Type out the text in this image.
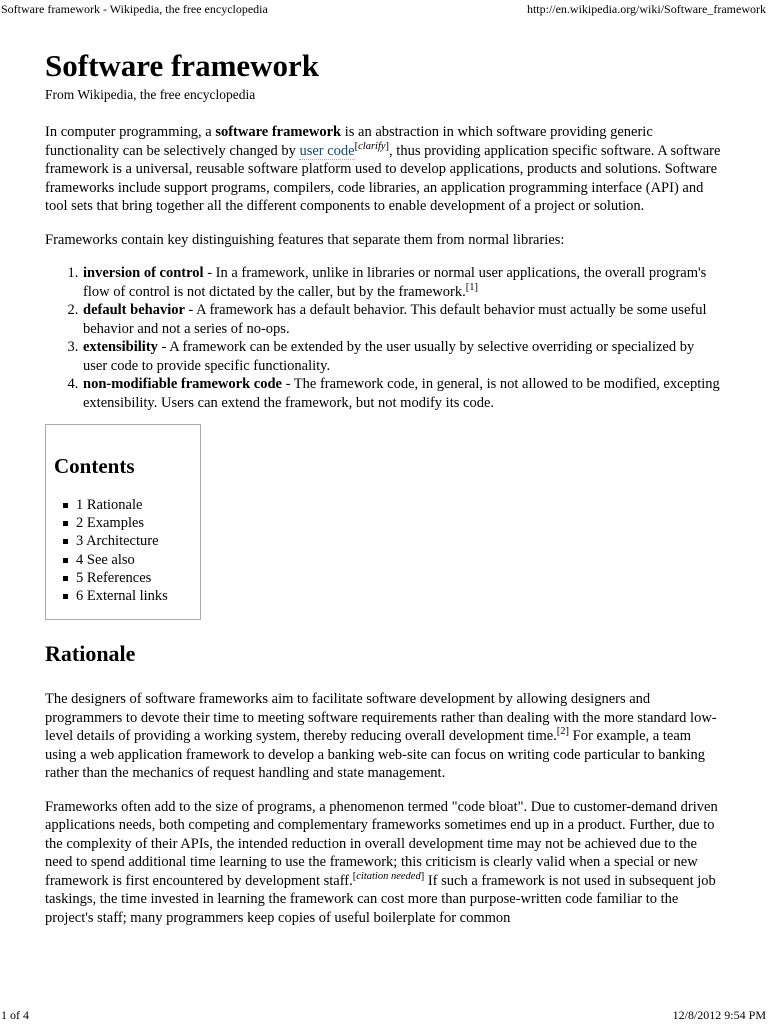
Software framework - Wikipedia, the free encyclopedia	http://en.wikipedia.org/wiki/Software_framework
Software framework
From Wikipedia, the free encyclopedia

In computer programming, a software framework is an abstraction in which software providing generic functionality can be selectively changed by user code[clarify], thus providing application specific software. A software framework is a universal, reusable software platform used to develop applications, products and solutions. Software frameworks include support programs, compilers, code libraries, an application programming interface (API) and tool sets that bring together all the different components to enable development of a project or solution.

Frameworks contain key distinguishing features that separate them from normal libraries:

1. inversion of control - In a framework, unlike in libraries or normal user applications, the overall program's flow of control is not dictated by the caller, but by the framework.[1]
2. default behavior - A framework has a default behavior. This default behavior must actually be some useful behavior and not a series of no-ops.
3. extensibility - A framework can be extended by the user usually by selective overriding or specialized by user code to provide specific functionality.
4. non-modifiable framework code - The framework code, in general, is not allowed to be modified, excepting extensibility. Users can extend the framework, but not modify its code.
Contents
1 Rationale
2 Examples
3 Architecture
4 See also
5 References
6 External links
Rationale

The designers of software frameworks aim to facilitate software development by allowing designers and programmers to devote their time to meeting software requirements rather than dealing with the more standard low-level details of providing a working system, thereby reducing overall development time.[2] For example, a team using a web application framework to develop a banking web-site can focus on writing code particular to banking rather than the mechanics of request handling and state management.

Frameworks often add to the size of programs, a phenomenon termed "code bloat". Due to customer-demand driven applications needs, both competing and complementary frameworks sometimes end up in a product. Further, due to the complexity of their APIs, the intended reduction in overall development time may not be achieved due to the need to spend additional time learning to use the framework; this criticism is clearly valid when a special or new framework is first encountered by development staff.[citation needed] If such a framework is not used in subsequent job taskings, the time invested in learning the framework can cost more than purpose-written code familiar to the project's staff; many programmers keep copies of useful boilerplate for common

1 of 4	12/8/2012 9:54 PM
